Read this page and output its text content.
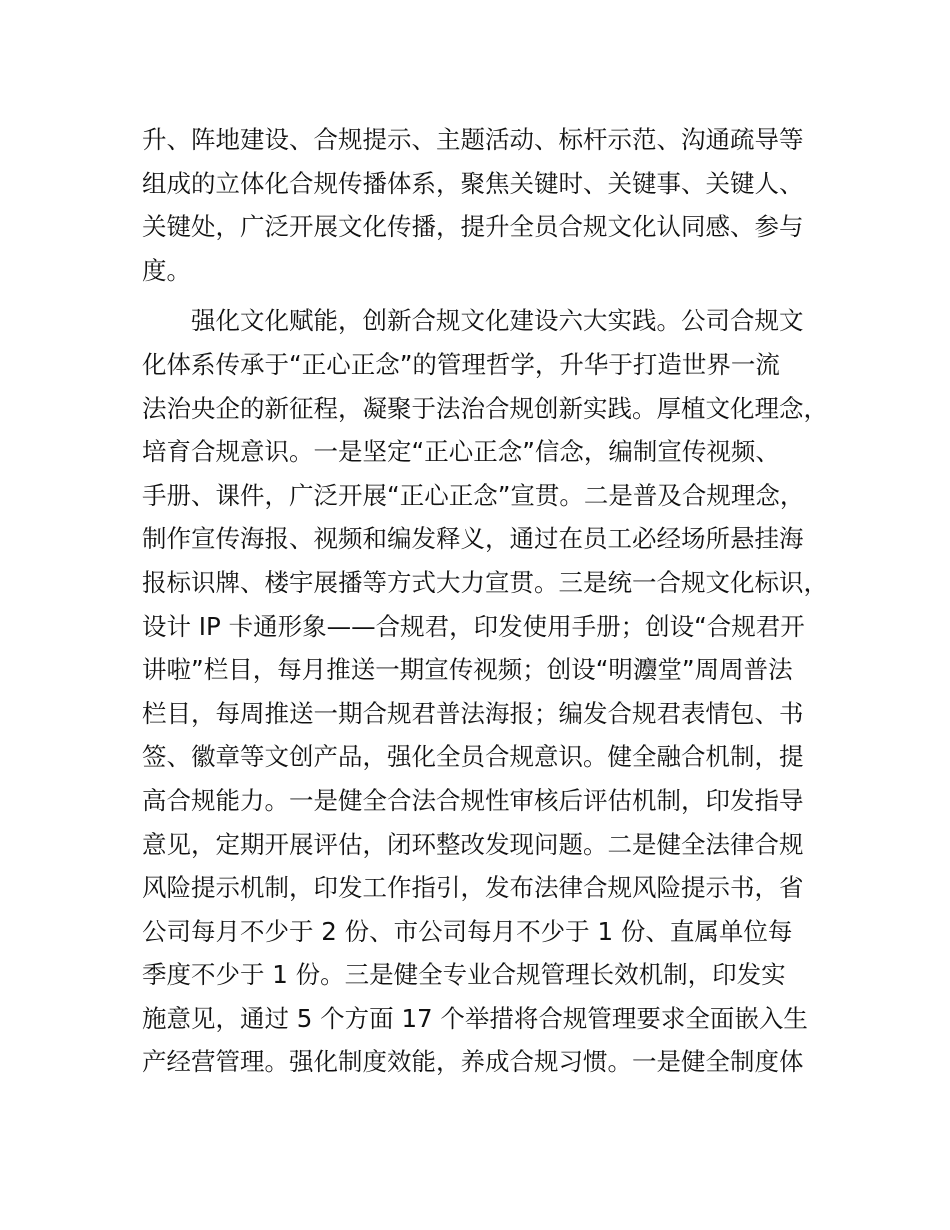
升、阵地建设、合规提示、主题活动、标杆示范、沟通疏导等

组成的立体化合规传播体系，聚焦关键时、关键事、关键人、

关键处，广泛开展文化传播，提升全员合规文化认同感、参与

度。

强化文化赋能，创新合规文化建设六大实践。公司合规文

化体系传承于“正心正念”的管理哲学，升华于打造世界一流

法治央企的新征程，凝聚于法治合规创新实践。厚植文化理念，

培育合规意识。一是坚定“正心正念”信念，编制宣传视频、

手册、课件，广泛开展“正心正念”宣贯。二是普及合规理念，

制作宣传海报、视频和编发释义，通过在员工必经场所悬挂海

报标识牌、楼宇展播等方式大力宣贯。三是统一合规文化标识，

设计 IP 卡通形象——合规君，印发使用手册；创设“合规君开

讲啦”栏目，每月推送一期宣传视频；创设“明灋堂”周周普法

栏目，每周推送一期合规君普法海报；编发合规君表情包、书

签、徽章等文创产品，强化全员合规意识。健全融合机制，提

高合规能力。一是健全合法合规性审核后评估机制，印发指导

意见，定期开展评估，闭环整改发现问题。二是健全法律合规

风险提示机制，印发工作指引，发布法律合规风险提示书，省

公司每月不少于 2 份、市公司每月不少于 1 份、直属单位每

季度不少于 1 份。三是健全专业合规管理长效机制，印发实

施意见，通过 5 个方面 17 个举措将合规管理要求全面嵌入生

产经营管理。强化制度效能，养成合规习惯。一是健全制度体
